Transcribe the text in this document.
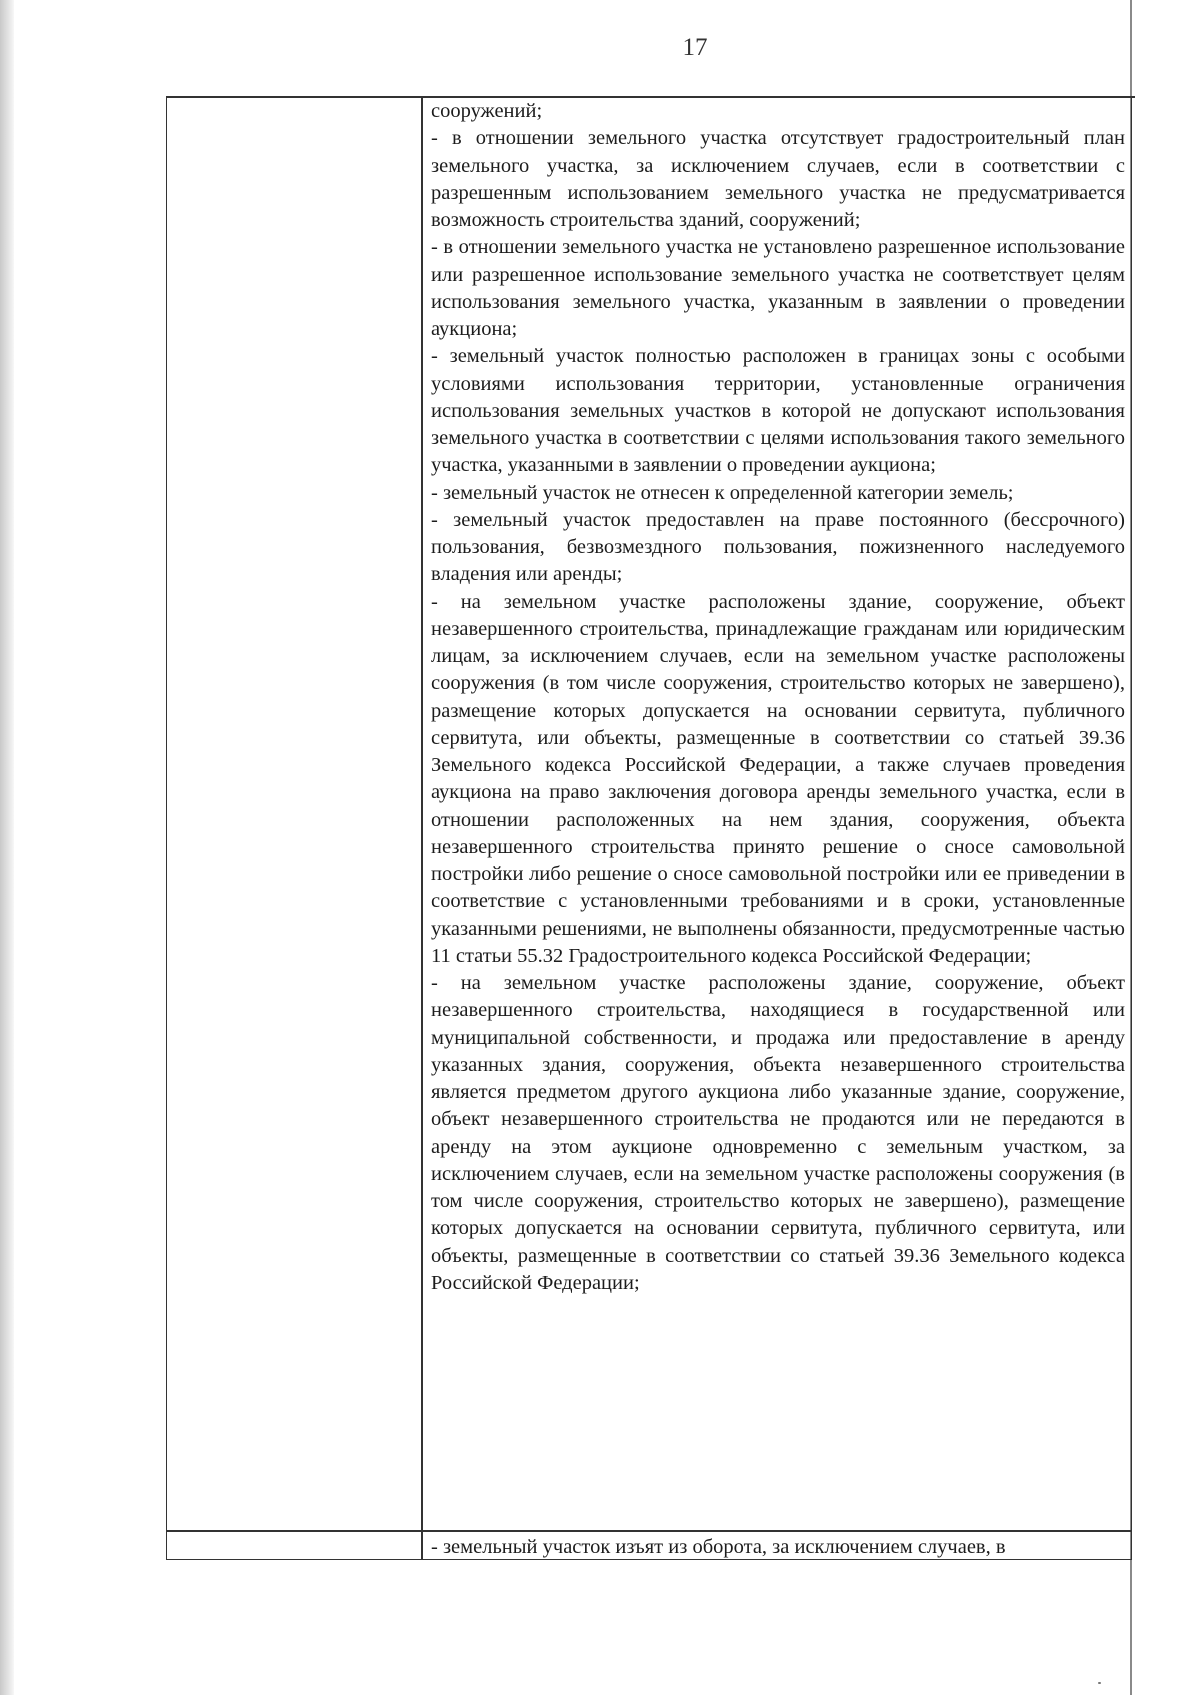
17

сооружений;

- в отношении земельного участка отсутствует градостроительный план земельного участка, за исключением случаев, если в соответствии с разрешенным использованием земельного участка не предусматривается возможность строительства зданий, сооружений;

- в отношении земельного участка не установлено разрешенное использование или разрешенное использование земельного участка не соответствует целям использования земельного участка, указанным в заявлении о проведении аукциона;

- земельный участок полностью расположен в границах зоны с особыми условиями использования территории, установленные ограничения использования земельных участков в которой не допускают использования земельного участка в соответствии с целями использования такого земельного участка, указанными в заявлении о проведении аукциона;

- земельный участок не отнесен к определенной категории земель;

- земельный участок предоставлен на праве постоянного (бессрочного) пользования, безвозмездного пользования, пожизненного наследуемого владения или аренды;

- на земельном участке расположены здание, сооружение, объект незавершенного строительства, принадлежащие гражданам или юридическим лицам, за исключением случаев, если на земельном участке расположены сооружения (в том числе сооружения, строительство которых не завершено), размещение которых допускается на основании сервитута, публичного сервитута, или объекты, размещенные в соответствии со статьей 39.36 Земельного кодекса Российской Федерации, а также случаев проведения аукциона на право заключения договора аренды земельного участка, если в отношении расположенных на нем здания, сооружения, объекта незавершенного строительства принято решение о сносе самовольной постройки либо решение о сносе самовольной постройки или ее приведении в соответствие с установленными требованиями и в сроки, установленные указанными решениями, не выполнены обязанности, предусмотренные частью 11 статьи 55.32 Градостроительного кодекса Российской Федерации;

- на земельном участке расположены здание, сооружение, объект незавершенного строительства, находящиеся в государственной или муниципальной собственности, и продажа или предоставление в аренду указанных здания, сооружения, объекта незавершенного строительства является предметом другого аукциона либо указанные здание, сооружение, объект незавершенного строительства не продаются или не передаются в аренду на этом аукционе одновременно с земельным участком, за исключением случаев, если на земельном участке расположены сооружения (в том числе сооружения, строительство которых не завершено), размещение которых допускается на основании сервитута, публичного сервитута, или объекты, размещенные в соответствии со статьей 39.36 Земельного кодекса Российской Федерации;

- земельный участок изъят из оборота, за исключением случаев, в
